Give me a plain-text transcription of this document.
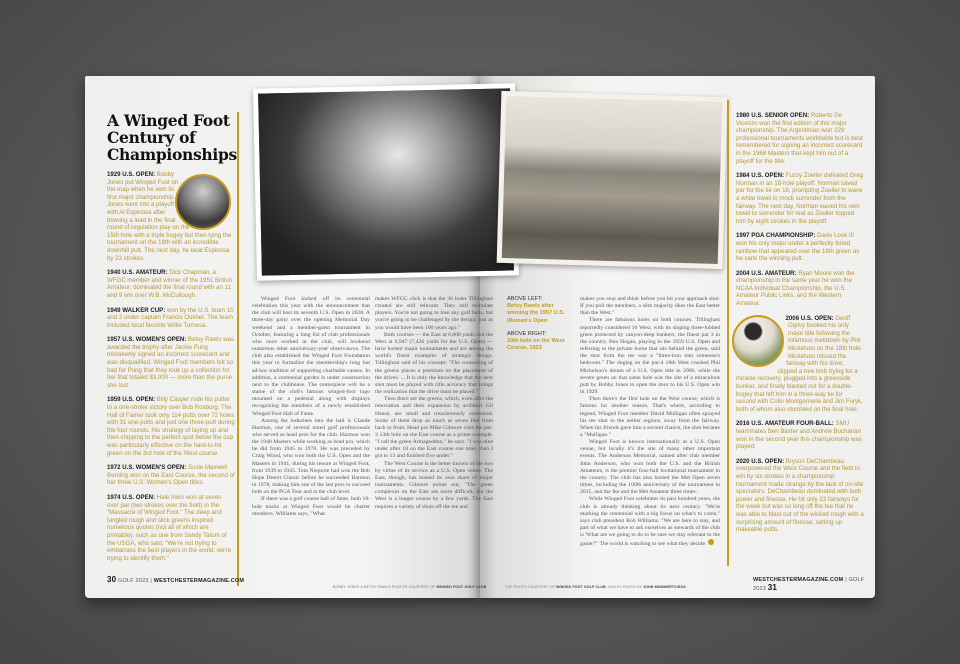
A Winged Foot Century of Championships

1929 U.S. OPEN: Bobby Jones put Winged Foot on the map when he won its first major championship. Jones went into a playoff with Al Espinosa after blowing a lead in the final round of regulation play on the 15th hole with a triple bogey but then tying the tournament on the 18th with an incredible downhill putt. The next day, he beat Espinosa by 23 strokes.

1940 U.S. AMATEUR: Dick Chapman, a WFGC member and winner of the 1951 British Amateur, dominated the final round with an 11 and 9 win over W.B. McCullough.

1949 WALKER CUP: won by the U.S. team 10 and 2 under captain Francis Ouimet. The team included local favorite Willie Turnesa.

1957 U.S. WOMEN'S OPEN: Betsy Rawls was awarded the trophy after Jackie Pung mistakenly signed an incorrect scorecard and was disqualified. Winged Foot members felt so bad for Pung that they took up a collection for her that totaled $3,000 — more than the purse she lost.

1959 U.S. OPEN: Billy Casper rode his putter to a one-stroke victory over Bob Rosburg. The Hall of Famer took only 114 putts over 72 holes with 31 one-putts and just one three-putt during the four rounds. His strategy of laying up and then chipping to the perfect spot below the cup was particularly effective on the hard-to-hit green on the 3rd hole of the West course.

1972 U.S. WOMEN'S OPEN: Susie Maxwell Berning won on the East Course, the second of her three U.S. Women's Open titles.

1974 U.S. OPEN: Hale Irwin won at seven over par (two strokes over the field) in the "Massacre of Winged Foot." The deep and tangled rough and slick greens inspired numerous quotes (not all of which are printable), such as one from Sandy Tatum of the USGA, who said, "We're not trying to embarrass the best players in the world; we're trying to identify them."

Winged Foot kicked off its centennial celebration this year with the announcement that the club will host its seventh U.S. Open in 2028. A three-day party over the opening Memorial Day weekend and a member-guest tournament in October, featuring a long list of club professionals who once worked at the club, will bookend numerous other anniversary-year observances. The club also established the Winged Foot Foundation this year to formalize the membership's long but ad-hoc tradition of supporting charitable causes. In addition, a centennial garden is under construction next to the clubhouse. The centerpiece will be a statue of the club's famous winged-foot logo mounted on a pedestal along with displays recognizing the members of a newly established Winged Foot Hall of Fame.

Among the inductees into the hall is Claude Harmon, one of several noted golf professionals who served as head pros for the club. Harmon won the 1948 Masters while working as head pro, which he did from 1945 to 1978. He was preceded by Craig Wood, who won both the U.S. Open and the Masters in 1941, during his tenure at Winged Foot, from 1939 to 1945. Tom Nieporte had won the Bob Hope Desert Classic before he succeeded Harmon in 1978, making him one of the last pros to succeed both on the PGA Tour and at the club level.

If there was a golf course hall of fame, both 18-hole tracks at Winged Foot would be charter members. Williams says, "What

makes WFGC click is that the 36 holes Tillinghast created are still relevant. They still stimulate players. You're not going to lose any golf balls, but you're going to be challenged by the design, just as you would have been 100 years ago."

Both courses — the East at 6,808 yards and the West at 6,947 (7,426 yards for the U.S. Open) — have hosted major tournaments and are among the world's finest examples of strategic design. Tillinghast said of his concept: "The contouring of the greens places a premium on the placement of the drives. ... It is only the knowledge that the next shot must be played with rifle accuracy that brings the realization that the drive must be placed."

Then there are the greens, which, even after the renovation and their expansion by architect Gil Hanse, are small and treacherously contoured. Some of them drop as much as seven feet from back to front. Head pro Mike Gilmore cites the par-3 13th hole on the East course as a prime example. "I call the green Armageddon," he says. "I was nine under after 10 on the East course one time, then I got to 13 and finished five under."

The West Course is the better known of the two by virtue of its service as a U.S. Open venue. The East, though, has hosted its own share of major tournaments. Gilmore points out, "The green complexes on the East are more difficult, but the West is a longer course by a few yards. The East requires a variety of shots off the tee and

BOBBY JONES & BETSY RAWLS PHOTOS COURTESY OF WINGED FOOT GOLF CLUB
30 GOLF 2023 | WESTCHESTERMAGAZINE.COM
ABOVE LEFT:
Betsy Rawls after winning the 1957 U.S. Women's Open
ABOVE RIGHT:
10th hole on the West Course, 1923

makes you stop and think before you hit your approach shot. If you poll the members, a slim majority likes the East better than the West."

There are fabulous holes on both courses. Tillinghast reportedly considered 10 West, with its sloping three-lobbed green protected by canyon-deep bunkers, the finest par 3 in the country. Ben Hogan, playing in the 1959 U.S. Open and referring to the private home that sits behind the green, said the shot from the tee was a "three-iron into someone's bedroom." The dogleg on the par-4 18th West crushed Phil Mickelson's dream of a U.S. Open title in 2006, while the severe green on that same hole was the site of a miraculous putt by Bobby Jones to open the door to his U.S. Open win in 1929.

Then there's the first hole on the West course, which is famous for another reason. That's where, according to legend, Winged Foot member David Mulligan often sprayed his tee shot in the nether regions, away from the fairway. When his friends gave him a second chance, the shot became a "Mulligan."

Winged Foot is known internationally as a U.S. Open venue, but locally it's the site of many other important events. The Anderson Memorial, named after club member John Anderson, who won both the U.S. and the British Amateurs, is the premier four-ball invitational tournament in the country. The club has also hosted the Met Open seven times, including the 100th anniversary of the tournament in 2015, and the Ike and the Met Amateur three times.

While Winged Foot celebrates its past hundred years, the club is already thinking about its next century. "We're marking the centennial with a big focus on what's to come," says club president Rob Williams. "We are here to stay, and part of what we have to ask ourselves as stewards of the club is 'What are we going to do to be sure we stay relevant to the game?'" The world is watching to see what they decide.

TOP PHOTO COURTESY OF WINGED FOOT GOLF CLUB; OGILVY PHOTO BY JOHN MUMMERT/USGA

1980 U.S. SENIOR OPEN: Roberto De Vicenzo won the first edition of this major championship. The Argentinian won 229 professional tournaments worldwide but is best remembered for signing an incorrect scorecard in the 1968 Masters that kept him out of a playoff for the title.

1984 U.S. OPEN: Fuzzy Zoeller defeated Greg Norman in an 18-hole playoff. Norman saved par for the tie on 18, prompting Zoeller to wave a white towel in mock surrender from the fairway. The next day, Norman waved his own towel to surrender for real as Zoeller topped him by eight strokes in the playoff.

1997 PGA CHAMPIONSHIP: Davis Love III won his only major under a perfectly timed rainbow that appeared over the 18th green as he sank the winning putt.

2004 U.S. AMATEUR: Ryan Moore won the championship in the same year he won the NCAA Individual Championship, the U.S. Amateur Public Links, and the Western Amateur.

2006 U.S. OPEN: Geoff Ogilvy booked his only major title following the infamous meltdown by Phil Mickelson on the 18th hole. Mickelson missed the fairway with his drive, clipped a tree limb trying for a miracle recovery, plugged into a greenside bunker, and finally blasted out for a double-bogey that left him in a three-way tie for second with Colin Montgomerie and Jim Furyk, both of whom also stumbled on the final hole.

2016 U.S. AMATEUR FOUR-BALL: SMU teammates Ben Baxter and Andrew Buchanan won in the second year this championship was played.

2020 U.S. OPEN: Bryson DeChambeau overpowered the West Course and the field to win by six strokes in a championship tournament made strange by the lack of on-site spectators. DeChambeau dominated with both power and finesse. He hit only 23 fairways for the week but was so long off the tee that he was able to blast out of the wicked rough with a surprising amount of finesse, setting up makeable putts.

WESTCHESTERMAGAZINE.COM | GOLF 2023 31
